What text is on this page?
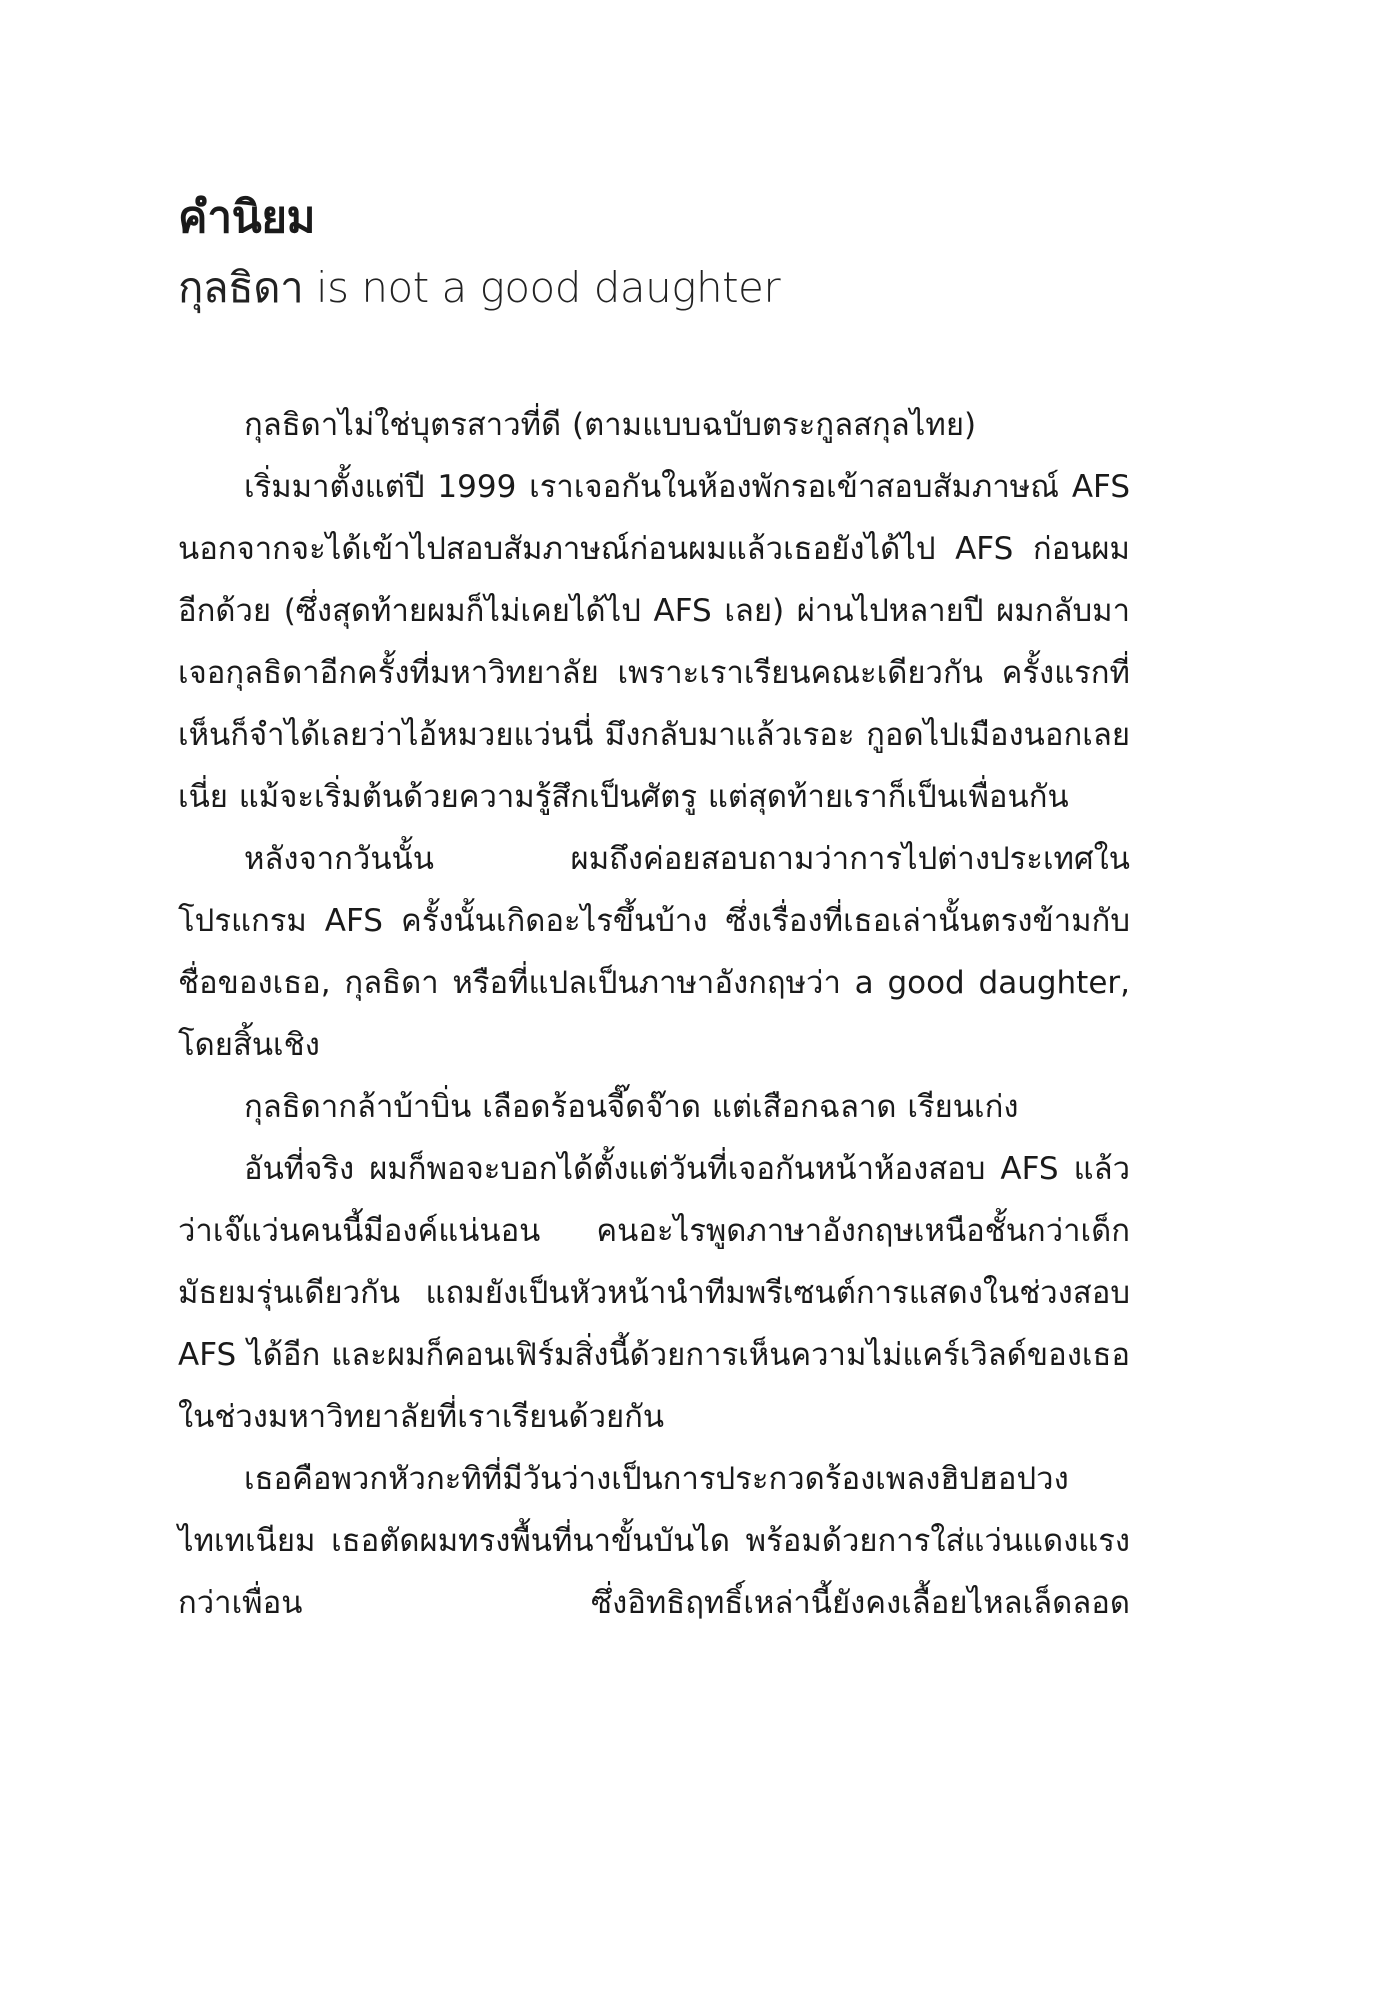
คำนิยม
กุลธิดา is not a good daughter

กุลธิดาไม่ใช่บุตรสาวที่ดี (ตามแบบฉบับตระกูลสกุลไทย)

เริ่มมาตั้งแต่ปี 1999 เราเจอกันในห้องพักรอเข้าสอบสัมภาษณ์ AFS นอกจากจะได้เข้าไปสอบสัมภาษณ์ก่อนผมแล้วเธอยังได้ไป AFS ก่อนผมอีกด้วย (ซึ่งสุดท้ายผมก็ไม่เคยได้ไป AFS เลย) ผ่านไปหลายปี ผมกลับมาเจอกุลธิดาอีกครั้งที่มหาวิทยาลัย เพราะเราเรียนคณะเดียวกัน ครั้งแรกที่เห็นก็จำได้เลยว่าไอ้หมวยแว่นนี่ มึงกลับมาแล้วเรอะ กูอดไปเมืองนอกเลยเนี่ย แม้จะเริ่มต้นด้วยความรู้สึกเป็นศัตรู แต่สุดท้ายเราก็เป็นเพื่อนกัน

หลังจากวันนั้น ผมถึงค่อยสอบถามว่าการไปต่างประเทศในโปรแกรม AFS ครั้งนั้นเกิดอะไรขึ้นบ้าง ซึ่งเรื่องที่เธอเล่านั้นตรงข้ามกับชื่อของเธอ, กุลธิดา หรือที่แปลเป็นภาษาอังกฤษว่า a good daughter, โดยสิ้นเชิง

กุลธิดากล้าบ้าบิ่น เลือดร้อนจี๊ดจ๊าด แต่เสือกฉลาด เรียนเก่ง

อันที่จริง ผมก็พอจะบอกได้ตั้งแต่วันที่เจอกันหน้าห้องสอบ AFS แล้ว ว่าเจ๊แว่นคนนี้มีองค์แน่นอน คนอะไรพูดภาษาอังกฤษเหนือชั้นกว่าเด็กมัธยมรุ่นเดียวกัน แถมยังเป็นหัวหน้านำทีมพรีเซนต์การแสดงในช่วงสอบ AFS ได้อีก และผมก็คอนเฟิร์มสิ่งนี้ด้วยการเห็นความไม่แคร์เวิลด์ของเธอในช่วงมหาวิทยาลัยที่เราเรียนด้วยกัน

เธอคือพวกหัวกะทิที่มีวันว่างเป็นการประกวดร้องเพลงฮิปฮอปวงไทเทเนียม เธอตัดผมทรงพื้นที่นาขั้นบันได พร้อมด้วยการใส่แว่นแดงแรงกว่าเพื่อน ซึ่งอิทธิฤทธิ์เหล่านี้ยังคงเลื้อยไหลเล็ดลอด
